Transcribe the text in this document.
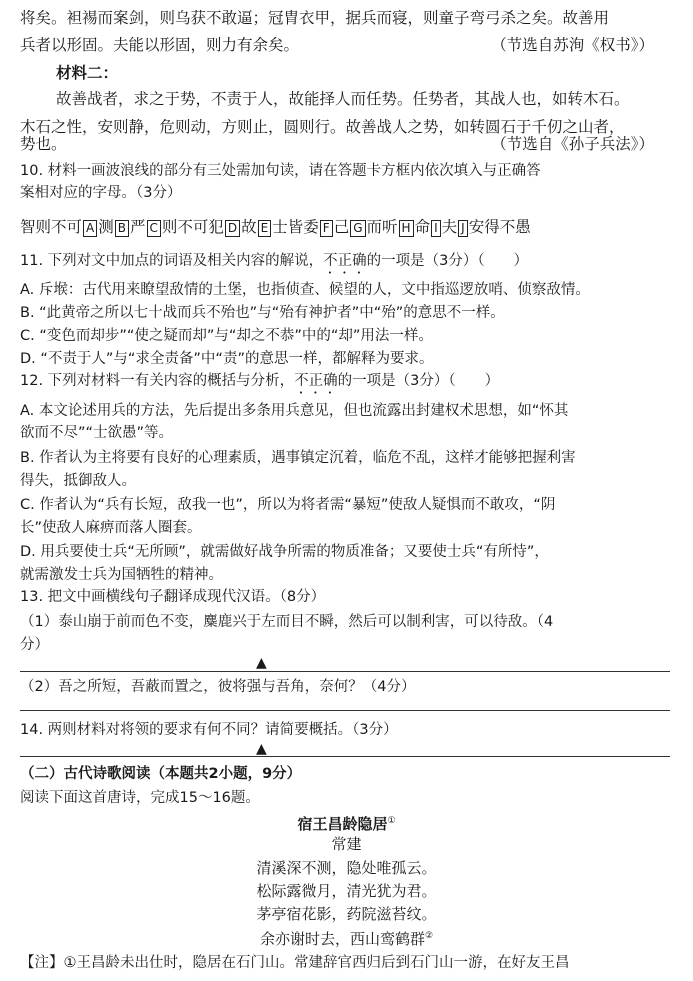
将矣。袒裼而案剑，则乌获不敢逼；冠胄衣甲，据兵而寝，则童子弯弓杀之矣。故善用
兵者以形固。夫能以形固，则力有余矣。	（节选自苏洵《权书》）
材料二：
故善战者，求之于势，不责于人，故能择人而任势。任势者，其战人也，如转木石。
木石之性，安则静，危则动，方则止，圆则行。故善战人之势，如转圆石于千仞之山者，
势也。	（节选自《孙子兵法》）
10. 材料一画波浪线的部分有三处需加句读，请在答题卡方框内依次填入与正确答
案相对应的字母。（3分）
智则不可 A 测 B 严 C 则不可犯 D 故 E 士皆委 F 己 G 而听 H 命 I 夫 J 安得不愚
11. 下列对文中加点的词语及相关内容的解说，不正确的一项是（3分）（　　）
A. 斥堠：古代用来瞭望敌情的土堡，也指侦查、候望的人，文中指巡逻放哨、侦察敌情。
B. “此黄帝之所以七十战而兵不殆也”与“殆有神护者”中“殆”的意思不一样。
C. “变色而却步”“使之疑而却”与“却之不恭”中的“却”用法一样。
D. “不责于人”与“求全责备”中“责”的意思一样，都解释为要求。
12. 下列对材料一有关内容的概括与分析，不正确的一项是（3分）（　　）
A. 本文论述用兵的方法，先后提出多条用兵意见，但也流露出封建权术思想，如“怀其
欲而不尽”“士欲愚”等。
B. 作者认为主将要有良好的心理素质，遇事镇定沉着，临危不乱，这样才能够把握利害
得失，抵御敌人。
C. 作者认为“兵有长短，敌我一也”，所以为将者需“暴短”使敌人疑惧而不敢攻，“阴
长”使敌人麻痹而落人圈套。
D. 用兵要使士兵“无所顾”，就需做好战争所需的物质准备；又要使士兵“有所恃”，
就需激发士兵为国牺牲的精神。
13. 把文中画横线句子翻译成现代汉语。（8分）
（1）泰山崩于前而色不变，麋鹿兴于左而目不瞬，然后可以制利害，可以待敌。（4
分）
▲
（2）吾之所短，吾蔽而置之，彼将强与吾角，奈何？（4分）
14. 两则材料对将领的要求有何不同？请简要概括。（3分）
▲
（二）古代诗歌阅读（本题共2小题，9分）
阅读下面这首唐诗，完成15～16题。
宿王昌龄隐居①
常建
清溪深不测，隐处唯孤云。
松际露微月，清光犹为君。
茅亭宿花影，药院滋苔纹。
余亦谢时去，西山鸾鹤群②
【注】①王昌龄未出仕时，隐居在石门山。常建辞官西归后到石门山一游，在好友王昌
